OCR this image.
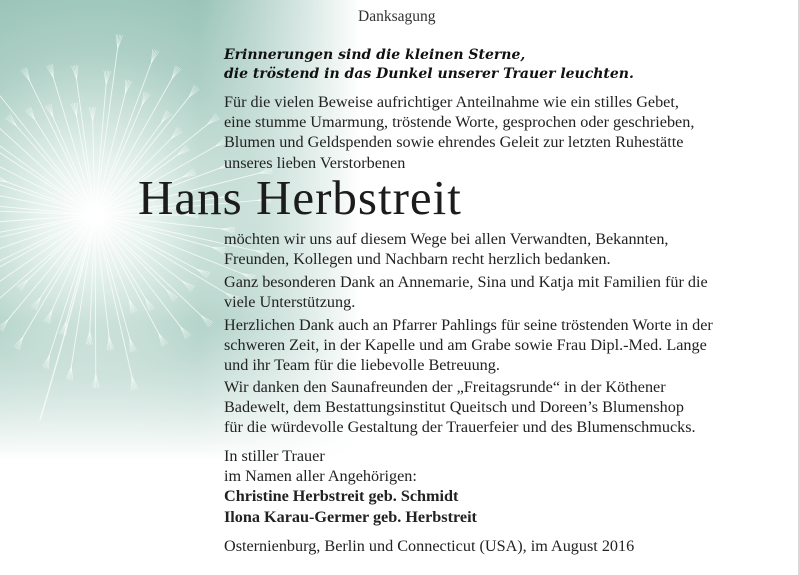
Danksagung
Erinnerungen sind die kleinen Sterne,
die tröstend in das Dunkel unserer Trauer leuchten.
Für die vielen Beweise aufrichtiger Anteilnahme wie ein stilles Gebet,
eine stumme Umarmung, tröstende Worte, gesprochen oder geschrieben,
Blumen und Geldspenden sowie ehrendes Geleit zur letzten Ruhestätte
unseres lieben Verstorbenen
Hans Herbstreit
möchten wir uns auf diesem Wege bei allen Verwandten, Bekannten,
Freunden, Kollegen und Nachbarn recht herzlich bedanken.
Ganz besonderen Dank an Annemarie, Sina und Katja mit Familien für die
viele Unterstützung.
Herzlichen Dank auch an Pfarrer Pahlings für seine tröstenden Worte in der
schweren Zeit, in der Kapelle und am Grabe sowie Frau Dipl.-Med. Lange
und ihr Team für die liebevolle Betreuung.
Wir danken den Saunafreunden der „Freitagsrunde“ in der Köthener
Badewelt, dem Bestattungsinstitut Queitsch und Doreen’s Blumenshop
für die würdevolle Gestaltung der Trauerfeier und des Blumenschmucks.
In stiller Trauer
im Namen aller Angehörigen:
Christine Herbstreit geb. Schmidt
Ilona Karau-Germer geb. Herbstreit
Osternienburg, Berlin und Connecticut (USA), im August 2016
